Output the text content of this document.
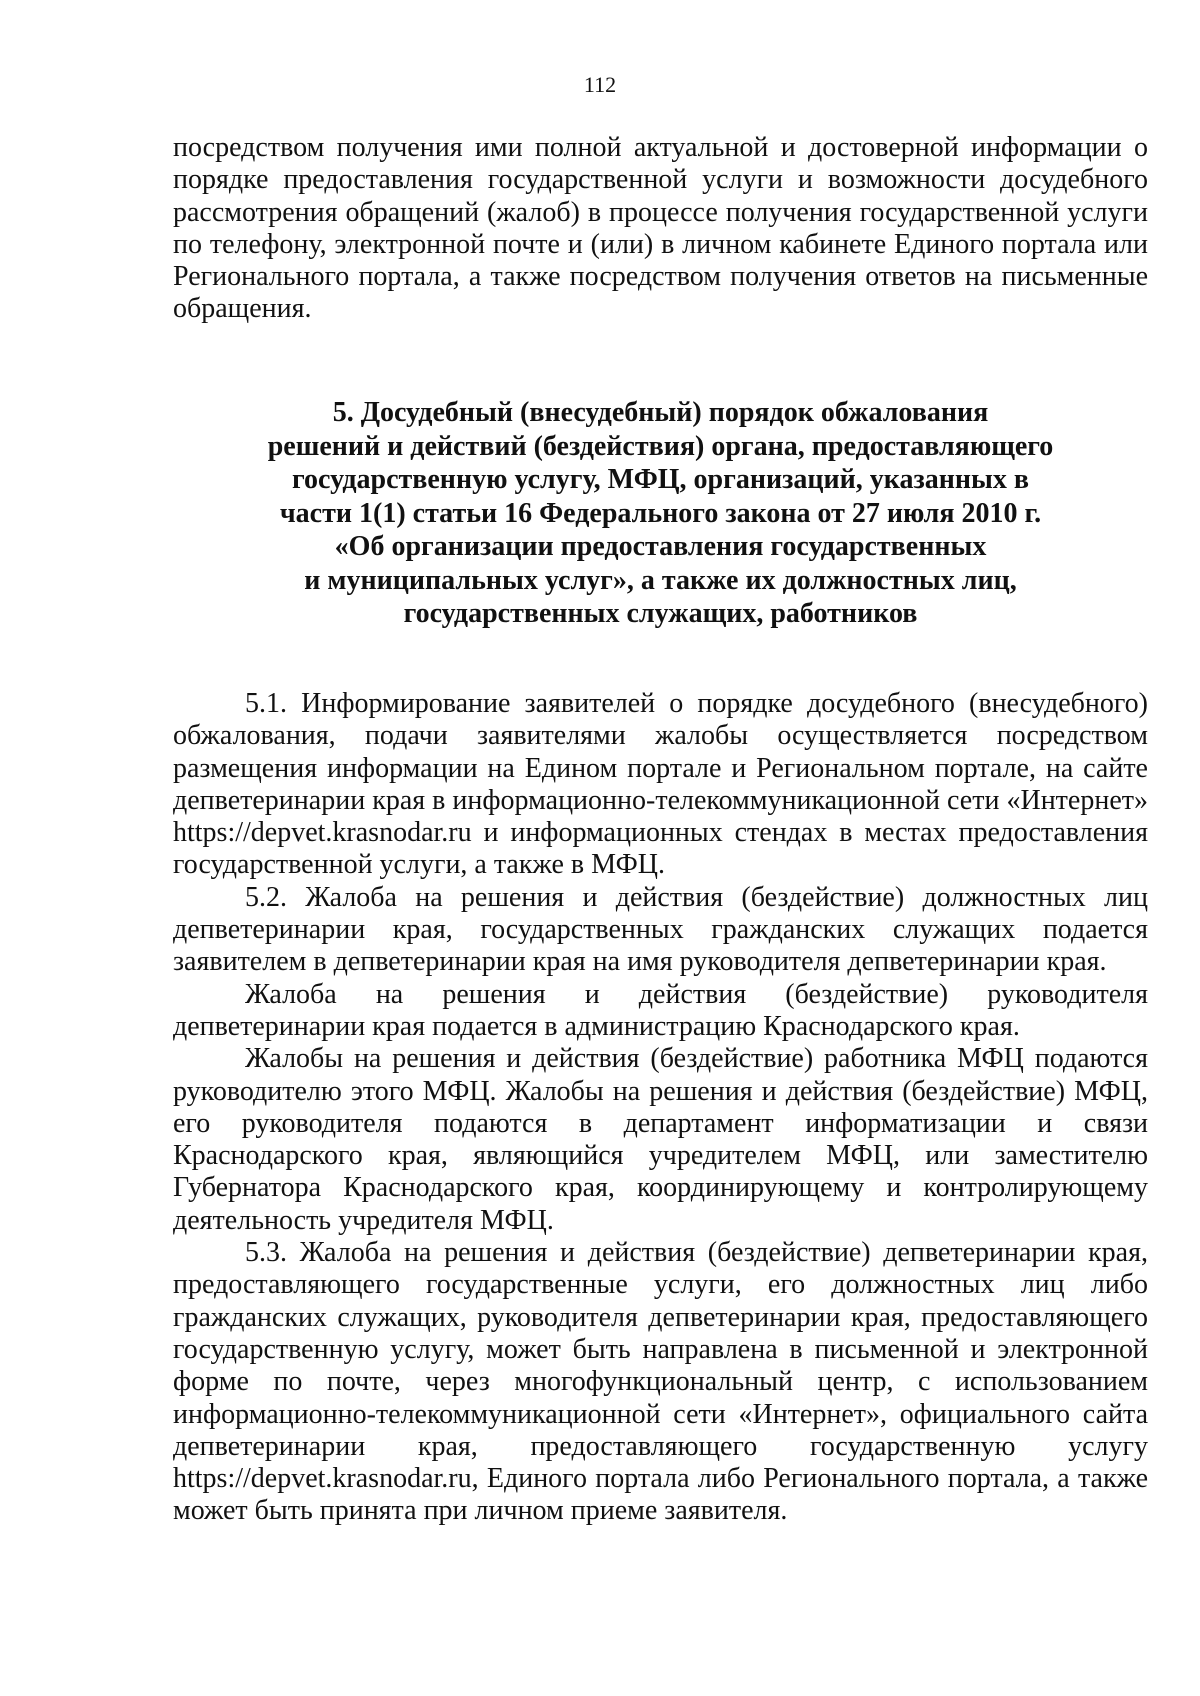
112

посредством получения ими полной актуальной и достоверной информации о порядке предоставления государственной услуги и возможности досудебного рассмотрения обращений (жалоб) в процессе получения государственной услуги по телефону, электронной почте и (или) в личном кабинете Единого портала или Регионального портала, а также посредством получения ответов на письменные обращения.

5. Досудебный (внесудебный) порядок обжалования
решений и действий (бездействия) органа, предоставляющего
государственную услугу, МФЦ, организаций, указанных в
части 1(1) статьи 16 Федерального закона от 27 июля 2010 г.
«Об организации предоставления государственных
и муниципальных услуг», а также их должностных лиц,
государственных служащих, работников

5.1. Информирование заявителей о порядке досудебного (внесудебного) обжалования, подачи заявителями жалобы осуществляется посредством размещения информации на Едином портале и Региональном портале, на сайте депветеринарии края в информационно-телекоммуникационной сети «Интернет» https://depvet.krasnodar.ru и информационных стендах в местах предоставления государственной услуги, а также в МФЦ.

5.2. Жалоба на решения и действия (бездействие) должностных лиц депветеринарии края, государственных гражданских служащих подается заявителем в депветеринарии края на имя руководителя депветеринарии края.

Жалоба на решения и действия (бездействие) руководителя депветеринарии края подается в администрацию Краснодарского края.

Жалобы на решения и действия (бездействие) работника МФЦ подаются руководителю этого МФЦ. Жалобы на решения и действия (бездействие) МФЦ, его руководителя подаются в департамент информатизации и связи Краснодарского края, являющийся учредителем МФЦ, или заместителю Губернатора Краснодарского края, координирующему и контролирующему деятельность учредителя МФЦ.

5.3. Жалоба на решения и действия (бездействие) депветеринарии края, предоставляющего государственные услуги, его должностных лиц либо гражданских служащих, руководителя депветеринарии края, предоставляющего государственную услугу, может быть направлена в письменной и электронной форме по почте, через многофункциональный центр, с использованием информационно-телекоммуникационной сети «Интернет», официального сайта депветеринарии края, предоставляющего государственную услугу https://depvet.krasnodar.ru, Единого портала либо Регионального портала, а также может быть принята при личном приеме заявителя.
